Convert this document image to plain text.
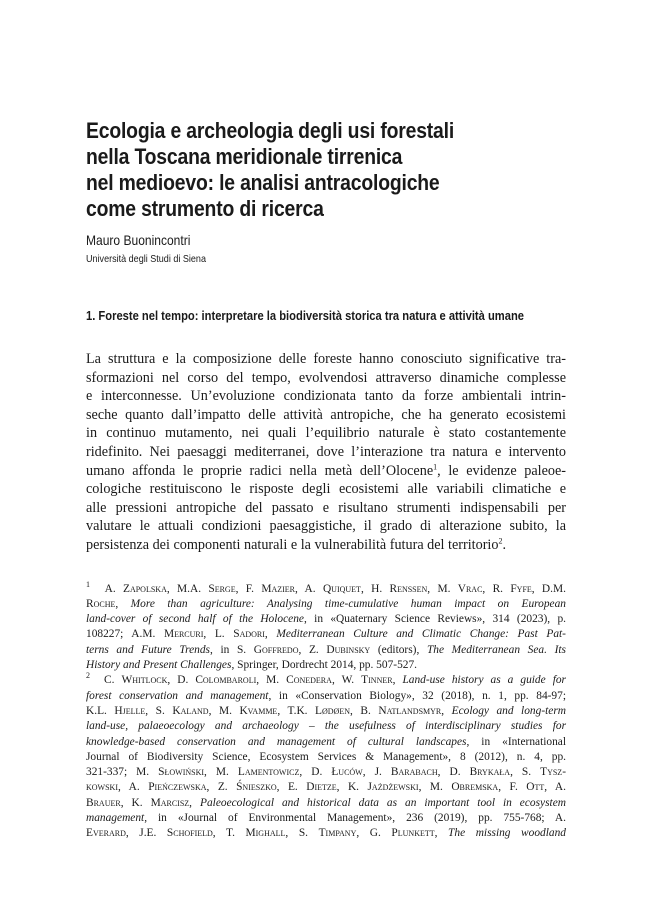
Ecologia e archeologia degli usi forestali
nella Toscana meridionale tirrenica
nel medioevo: le analisi antracologiche
come strumento di ricerca
Mauro Buonincontri
Università degli Studi di Siena
1. Foreste nel tempo: interpretare la biodiversità storica tra natura e attività umane
La struttura e la composizione delle foreste hanno conosciuto significative tra-
sformazioni nel corso del tempo, evolvendosi attraverso dinamiche complesse
e interconnesse. Un’evoluzione condizionata tanto da forze ambientali intrin-
seche quanto dall’impatto delle attività antropiche, che ha generato ecosistemi
in continuo mutamento, nei quali l’equilibrio naturale è stato costantemente
ridefinito. Nei paesaggi mediterranei, dove l’interazione tra natura e intervento
umano affonda le proprie radici nella metà dell’Olocene$^1$, le evidenze paleoe-
cologiche restituiscono le risposte degli ecosistemi alle variabili climatiche e
alle pressioni antropiche del passato e risultano strumenti indispensabili per
valutare le attuali condizioni paesaggistiche, il grado di alterazione subito, la
persistenza dei componenti naturali e la vulnerabilità futura del territorio$^2$.
$^1$ A. Zapolska, M.A. Serge, F. Mazier, A. Quiquet, H. Renssen, M. Vrac, R. Fyfe, D.M.
Roche, More than agriculture: Analysing time-cumulative human impact on European
land-cover of second half of the Holocene, in «Quaternary Science Reviews», 314 (2023), p.
108227; A.M. Mercuri, L. Sadori, Mediterranean Culture and Climatic Change: Past Pat-
terns and Future Trends, in S. Goffredo, Z. Dubinsky (editors), The Mediterranean Sea. Its
History and Present Challenges, Springer, Dordrecht 2014, pp. 507-527.
$^2$ C. Whitlock, D. Colombaroli, M. Conedera, W. Tinner, Land-use history as a guide for
forest conservation and management, in «Conservation Biology», 32 (2018), n. 1, pp. 84-97;
K.L. Hjelle, S. Kaland, M. Kvamme, T.K. Lødøen, B. Natlandsmyr, Ecology and long-term
land-use, palaeoecology and archaeology – the usefulness of interdisciplinary studies for
knowledge-based conservation and management of cultural landscapes, in «International
Journal of Biodiversity Science, Ecosystem Services & Management», 8 (2012), n. 4, pp.
321-337; M. Słowiński, M. Lamentowicz, D. Łuców, J. Barabach, D. Brykała, S. Tysz-
kowski, A. Pieńczewska, Z. Śnieszko, E. Dietze, K. Jażdżewski, M. Obremska, F. Ott, A.
Brauer, K. Marcisz, Paleoecological and historical data as an important tool in ecosystem
management, in «Journal of Environmental Management», 236 (2019), pp. 755-768; A.
Everard, J.E. Schofield, T. Mighall, S. Timpany, G. Plunkett, The missing woodland
